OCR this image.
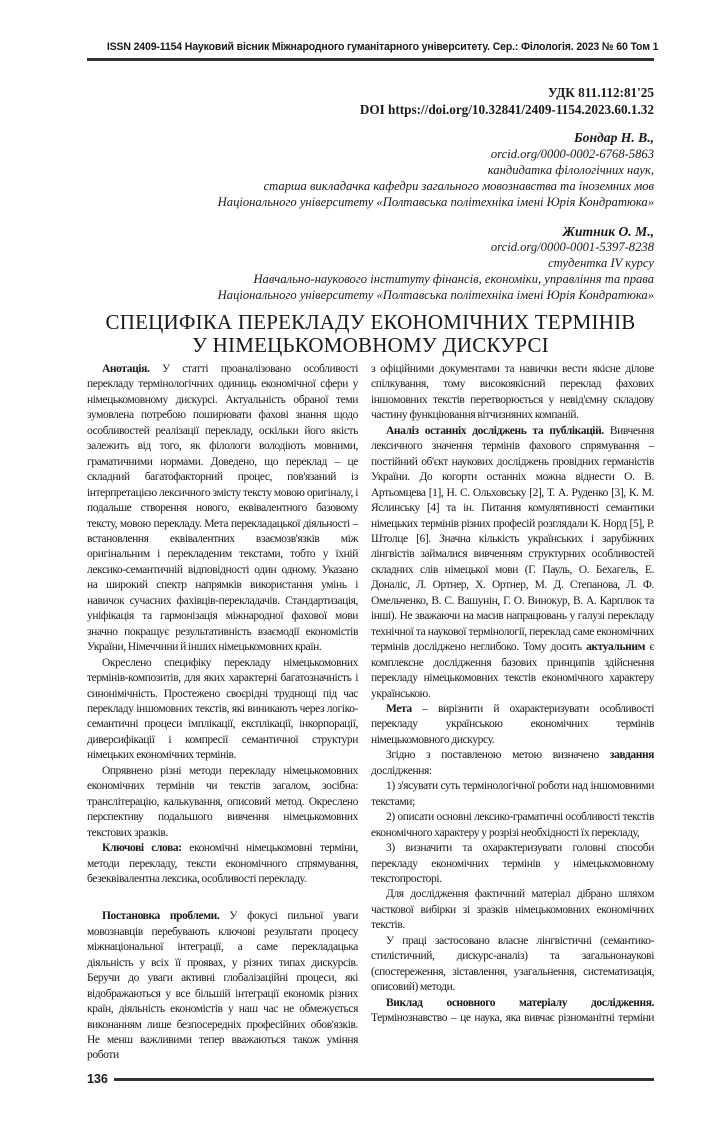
ISSN 2409-1154 Науковий вісник Міжнародного гуманітарного університету. Сер.: Філологія. 2023 № 60 Том 1
УДК 811.112:81'25
DOI https://doi.org/10.32841/2409-1154.2023.60.1.32
Бондар Н. В.,
orcid.org/0000-0002-6768-5863
кандидатка філологічних наук,
старша викладачка кафедри загального мовознавства та іноземних мов
Національного університету «Полтавська політехніка імені Юрія Кондратюка»
Житник О. М.,
orcid.org/0000-0001-5397-8238
студентка IV курсу
Навчально-наукового інституту фінансів, економіки, управління та права
Національного університету «Полтавська політехніка імені Юрія Кондратюка»
СПЕЦИФІКА ПЕРЕКЛАДУ ЕКОНОМІЧНИХ ТЕРМІНІВ
У НІМЕЦЬКОМОВНОМУ ДИСКУРСІ

Анотація. У статті проаналізовано особливості перекладу термінологічних одиниць економічної сфери у німецькомовному дискурсі. Актуальність обраної теми зумовлена потребою поширювати фахові знання щодо особливостей реалізації перекладу, оскільки його якість залежить від того, як філологи володіють мовними, граматичними нормами. Доведено, що переклад – це складний багатофакторний процес, пов'язаний із інтерпретацією лексичного змісту тексту мовою оригіналу, і подальше створення нового, еквівалентного базовому тексту, мовою перекладу. Мета перекладацької діяльності –встановлення еквівалентних взаємозв'язків між оригінальним і перекладеним текстами, тобто у їхній лексико-семантичній відповідності один одному. Указано на широкий спектр напрямків використання умінь і навичок сучасних фахівців-перекладачів. Стандартизація, уніфікація та гармонізація міжнародної фахової мови значно покращує результативність взаємодії економістів України, Німеччини й інших німецькомовних країн.

Окреслено специфіку перекладу німецькомовних термінів-композитів, для яких характерні багатозначність і синонімічність. Простежено своєрідні труднощі під час перекладу іншомовних текстів, які виникають через логіко-семантичні процеси імплікації, експлікації, інкорпорації, диверсифікації і компресії семантичної структури німецьких економічних термінів.

Опрявнено різні методи перекладу німецькомовних економічних термінів чи текстів загалом, зосібна: транслітерацію, калькування, описовий метод. Окреслено перспективу подальшого вивчення німецькомовних текстових зразків.

Ключові слова: економічні німецькомовні терміни, методи перекладу, тексти економічного спрямування, безеквівалентна лексика, особливості перекладу.

Постановка проблеми. У фокусі пильної уваги мовознавців перебувають ключові результати процесу міжнаціональної інтеграції, а саме перекладацька діяльність у всіх її проявах, у різних типах дискурсів. Беручи до уваги активні глобалізаційні процеси, які відображаються у все більшій інтеграції економік різних країн, діяльність економістів у наш час не обмежується виконанням лише безпосередніх професійних обов'язків. Не менш важливими тепер вважаються також уміння роботи

з офіційними документами та навички вести якісне ділове спілкування, тому високоякісний переклад фахових іншомовних текстів перетворюється у невід'ємну складову частину функціювання вітчизняних компаній.

Аналіз останніх досліджень та публікацій. Вивчення лексичного значення термінів фахового спрямування – постійний об'єкт наукових досліджень провідних германістів України. До когорти останніх можна віднести О. В. Артьомцева [1], Н. С. Ольховську [2], Т. А. Руденко [3], К. М. Яслинську [4] та ін. Питання комулятивності семантики німецьких термінів різних професій розглядали К. Норд [5], Р. Штолце [6]. Значна кількість українських і зарубіжних лінгвістів займалися вивченням структурних особливостей складних слів німецької мови (Г. Пауль, О. Бехагель, Е. Доналіс, Л. Ортнер, Х. Ортнер, М. Д. Степанова, Л. Ф. Омельченко, В. С. Вашунін, Г. О. Винокур, В. А. Карплюк та інші). Не зважаючи на масив напрацювань у галузі перекладу технічної та наукової термінології, переклад саме економічних термінів досліджено неглибоко. Тому досить актуальним є комплексне дослідження базових принципів здійснення перекладу німецькомовних текстів економічного характеру українською.

Мета – вирізнити й охарактеризувати особливості перекладу українською економічних термінів німецькомовного дискурсу.

Згідно з поставленою метою визначено завдання дослідження:

1) з'ясувати суть термінологічної роботи над іншомовними текстами;

2) описати основні лексико-граматичні особливості текстів економічного характеру у розрізі необхідності їх перекладу,

3) визначити та охарактеризувати головні способи перекладу економічних термінів у німецькомовному текстопросторі.

Для дослідження фактичний матеріал дібрано шляхом часткової вибірки зі зразків німецькомовних економічних текстів.

У праці застосовано власне лінгвістичні (семантико-стилістичний, дискурс-аналіз) та загальнонаукові (спостереження, зіставлення, узагальнення, систематизація, описовий) методи.

Виклад основного матеріалу дослідження. Термінознавство – це наука, яка вивчає різноманітні терміни

136
